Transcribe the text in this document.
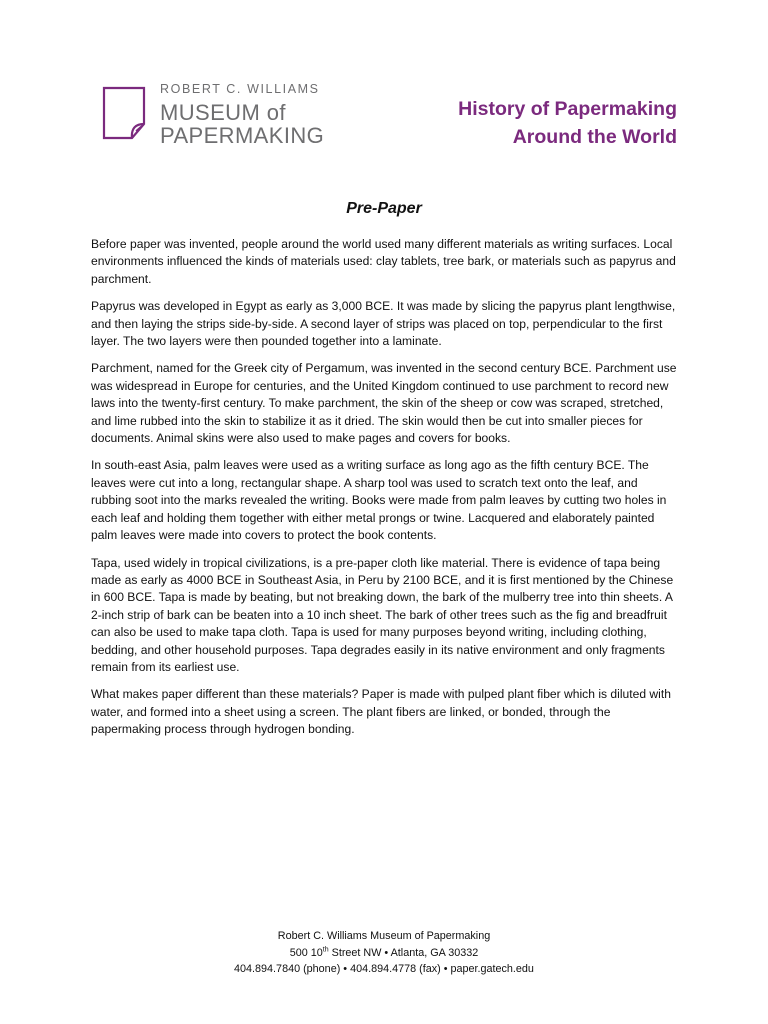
ROBERT C. WILLIAMS
MUSEUM of
PAPERMAKING
History of Papermaking
Around the World
Pre-Paper

Before paper was invented, people around the world used many different materials as writing surfaces. Local environments influenced the kinds of materials used: clay tablets, tree bark, or materials such as papyrus and parchment.

Papyrus was developed in Egypt as early as 3,000 BCE. It was made by slicing the papyrus plant lengthwise, and then laying the strips side-by-side. A second layer of strips was placed on top, perpendicular to the first layer. The two layers were then pounded together into a laminate.

Parchment, named for the Greek city of Pergamum, was invented in the second century BCE. Parchment use was widespread in Europe for centuries, and the United Kingdom continued to use parchment to record new laws into the twenty-first century. To make parchment, the skin of the sheep or cow was scraped, stretched, and lime rubbed into the skin to stabilize it as it dried. The skin would then be cut into smaller pieces for documents. Animal skins were also used to make pages and covers for books.

In south-east Asia, palm leaves were used as a writing surface as long ago as the fifth century BCE. The leaves were cut into a long, rectangular shape. A sharp tool was used to scratch text onto the leaf, and rubbing soot into the marks revealed the writing. Books were made from palm leaves by cutting two holes in each leaf and holding them together with either metal prongs or twine. Lacquered and elaborately painted palm leaves were made into covers to protect the book contents.

Tapa, used widely in tropical civilizations, is a pre-paper cloth like material. There is evidence of tapa being made as early as 4000 BCE in Southeast Asia, in Peru by 2100 BCE, and it is first mentioned by the Chinese in 600 BCE. Tapa is made by beating, but not breaking down, the bark of the mulberry tree into thin sheets. A 2-inch strip of bark can be beaten into a 10 inch sheet. The bark of other trees such as the fig and breadfruit can also be used to make tapa cloth. Tapa is used for many purposes beyond writing, including clothing, bedding, and other household purposes. Tapa degrades easily in its native environment and only fragments remain from its earliest use.

What makes paper different than these materials? Paper is made with pulped plant fiber which is diluted with water, and formed into a sheet using a screen. The plant fibers are linked, or bonded, through the papermaking process through hydrogen bonding.

Robert C. Williams Museum of Papermaking
500 10th Street NW • Atlanta, GA 30332
404.894.7840 (phone) • 404.894.4778 (fax) • paper.gatech.edu
